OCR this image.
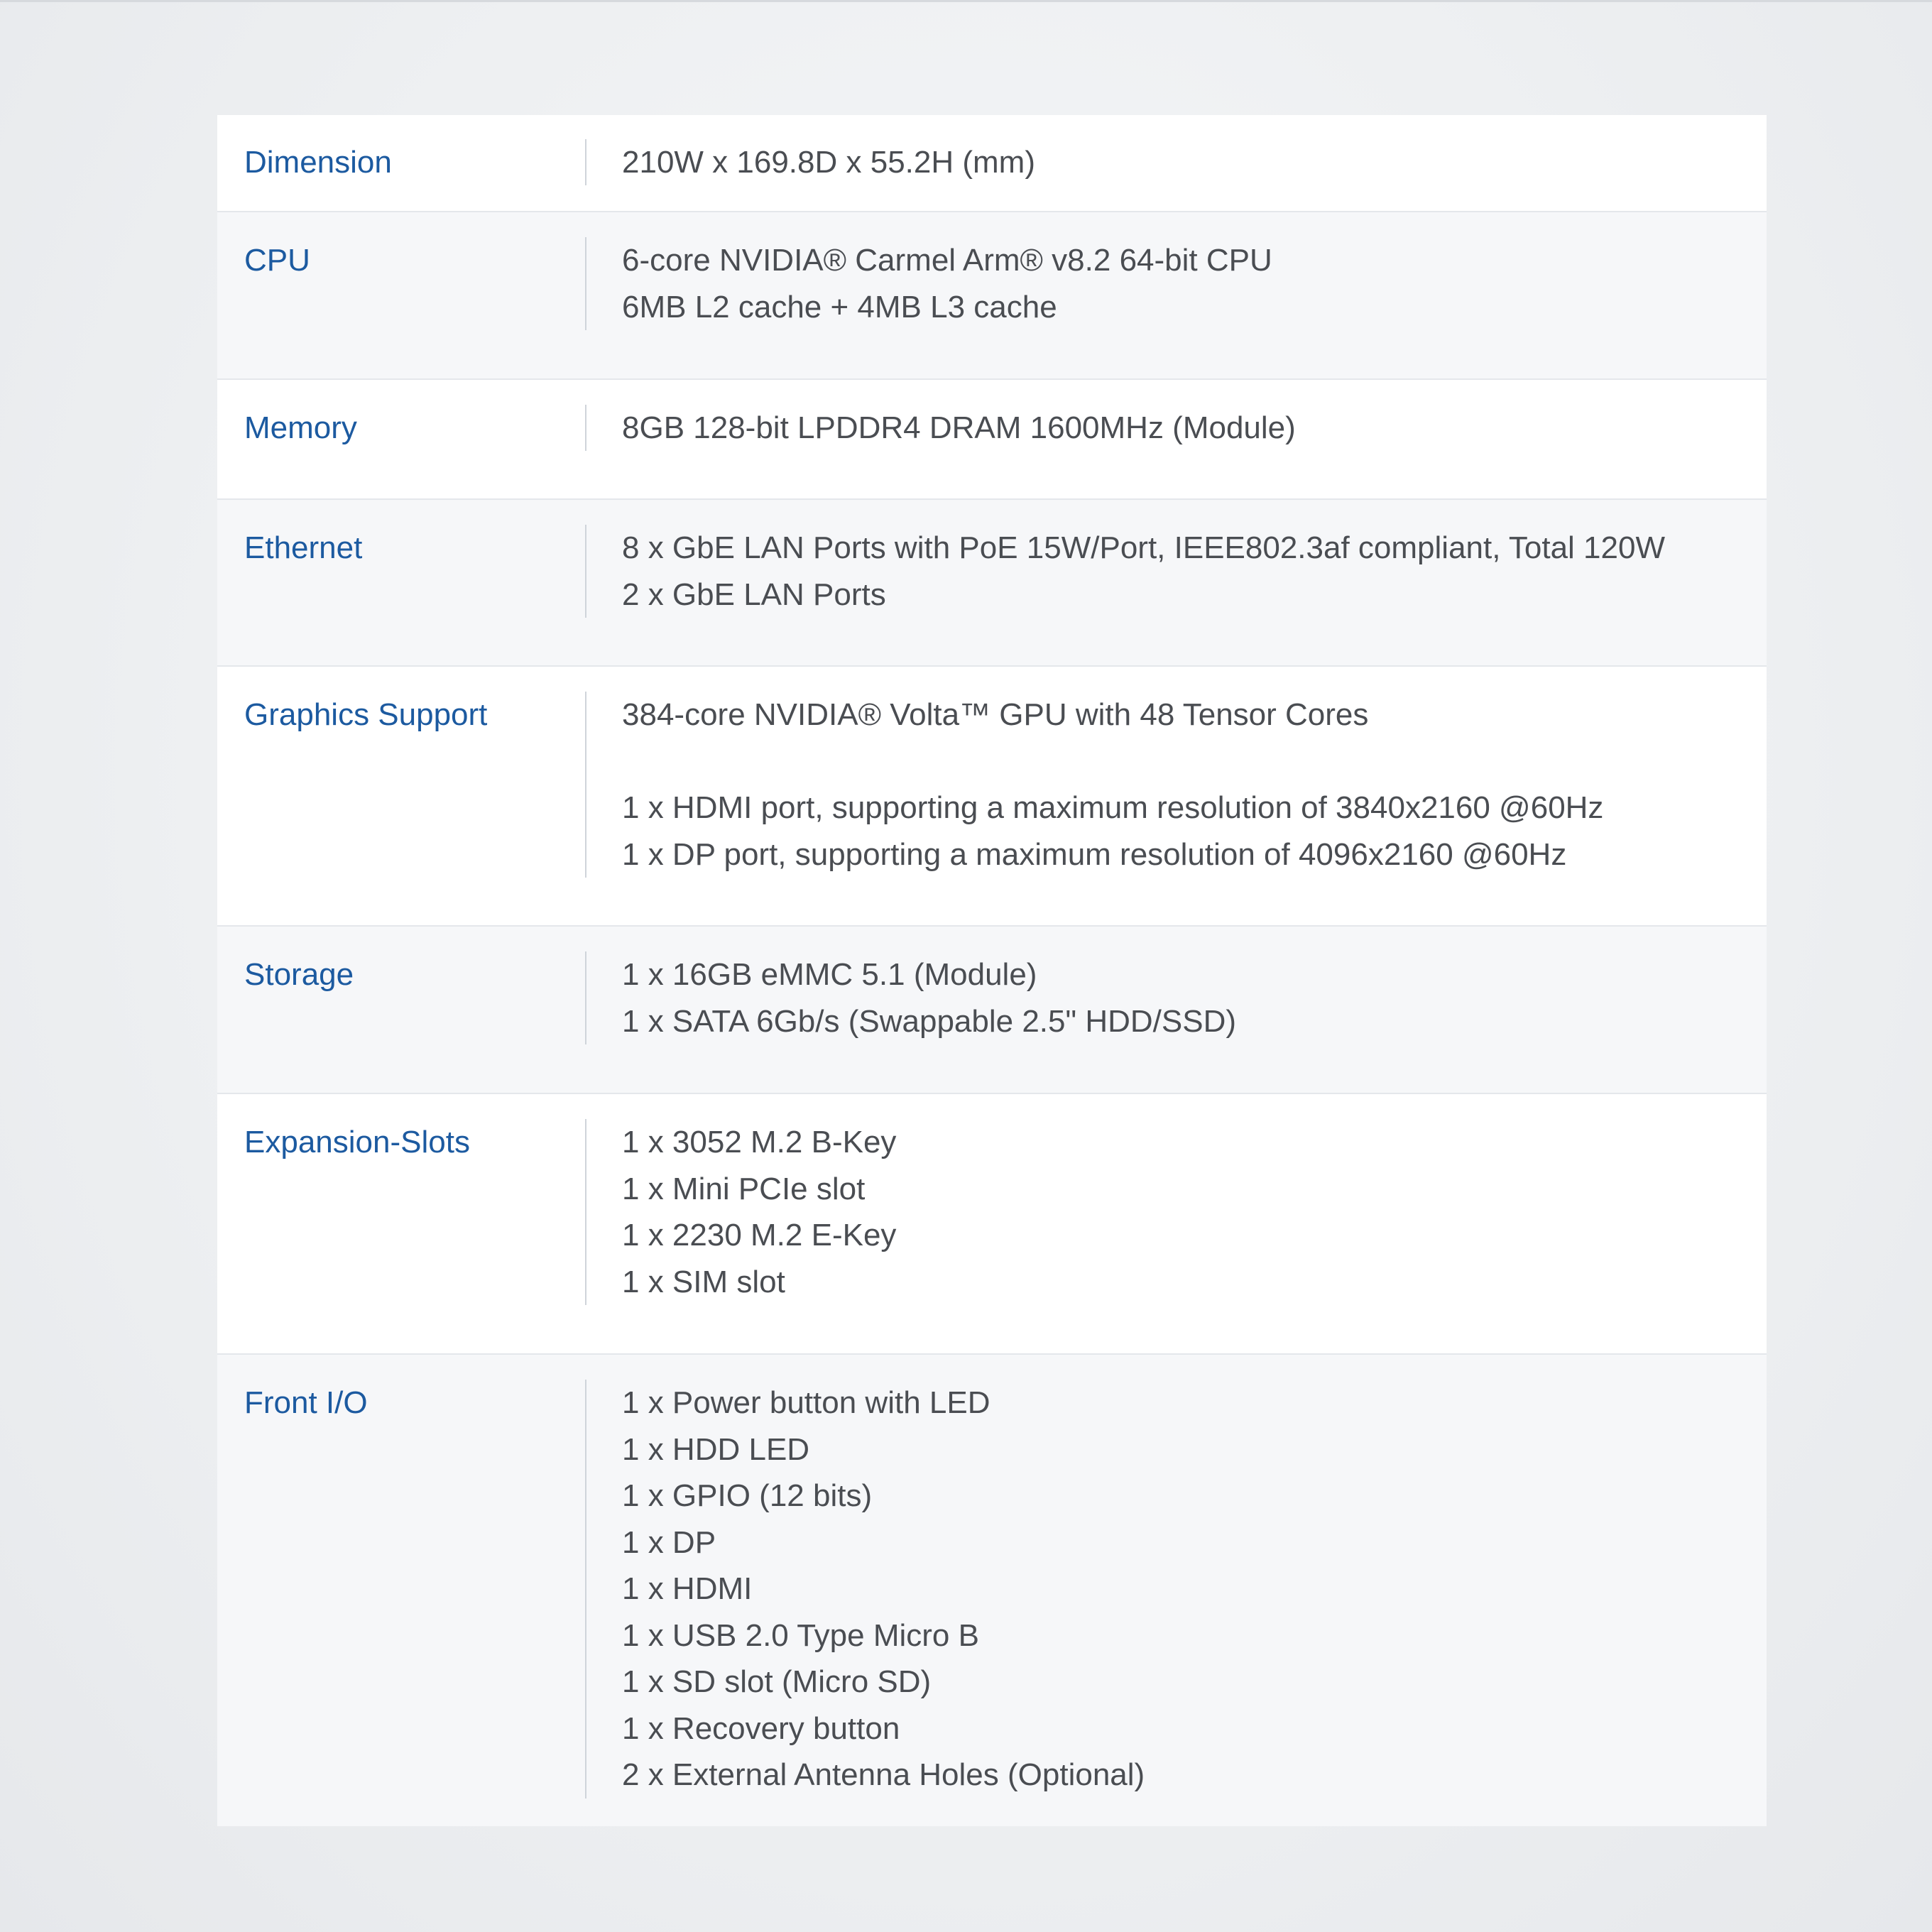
Dimension	210W x 169.8D x 55.2H (mm)
CPU	6-core NVIDIA® Carmel Arm® v8.2 64-bit CPU
6MB L2 cache + 4MB L3 cache
Memory	8GB 128-bit LPDDR4 DRAM 1600MHz (Module)
Ethernet	8 x GbE LAN Ports with PoE 15W/Port, IEEE802.3af compliant, Total 120W
2 x GbE LAN Ports
Graphics Support	384-core NVIDIA® Volta™ GPU with 48 Tensor Cores
1 x HDMI port, supporting a maximum resolution of 3840x2160 @60Hz
1 x DP port, supporting a maximum resolution of 4096x2160 @60Hz
Storage	1 x 16GB eMMC 5.1 (Module)
1 x SATA 6Gb/s (Swappable 2.5" HDD/SSD)
Expansion-Slots	1 x 3052 M.2 B-Key
1 x Mini PCIe slot
1 x 2230 M.2 E-Key
1 x SIM slot
Front I/O	1 x Power button with LED
1 x HDD LED
1 x GPIO (12 bits)
1 x DP
1 x HDMI
1 x USB 2.0 Type Micro B
1 x SD slot (Micro SD)
1 x Recovery button
2 x External Antenna Holes (Optional)
